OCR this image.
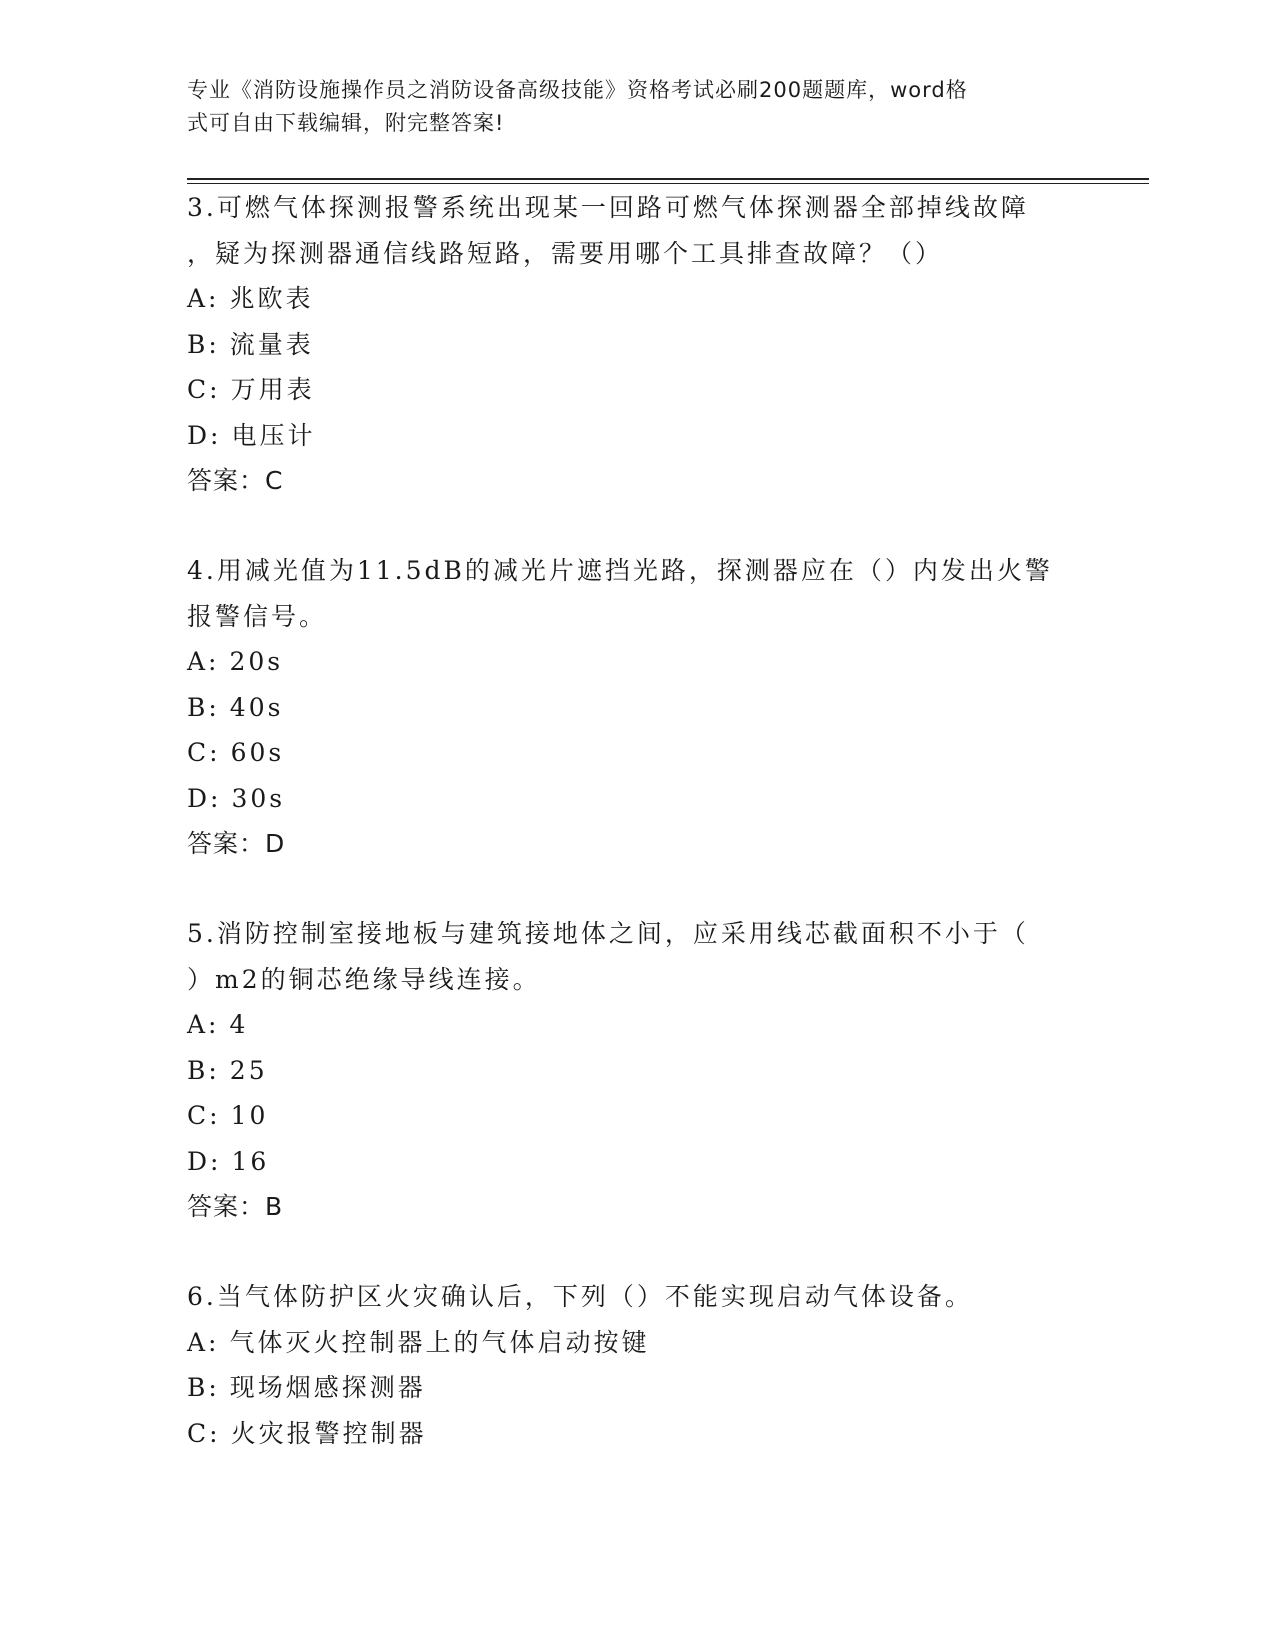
专业《消防设施操作员之消防设备高级技能》资格考试必刷200题题库，word格
式可自由下载编辑，附完整答案!
3.可燃气体探测报警系统出现某一回路可燃气体探测器全部掉线故障
，疑为探测器通信线路短路，需要用哪个工具排查故障？（）
A: 兆欧表
B: 流量表
C: 万用表
D: 电压计
答案：C
4.用减光值为11.5dB的减光片遮挡光路，探测器应在（）内发出火警
报警信号。
A: 20s
B: 40s
C: 60s
D: 30s
答案：D
5.消防控制室接地板与建筑接地体之间，应采用线芯截面积不小于（
）m2的铜芯绝缘导线连接。
A: 4
B: 25
C: 10
D: 16
答案：B
6.当气体防护区火灾确认后，下列（）不能实现启动气体设备。
A: 气体灭火控制器上的气体启动按键
B: 现场烟感探测器
C: 火灾报警控制器
